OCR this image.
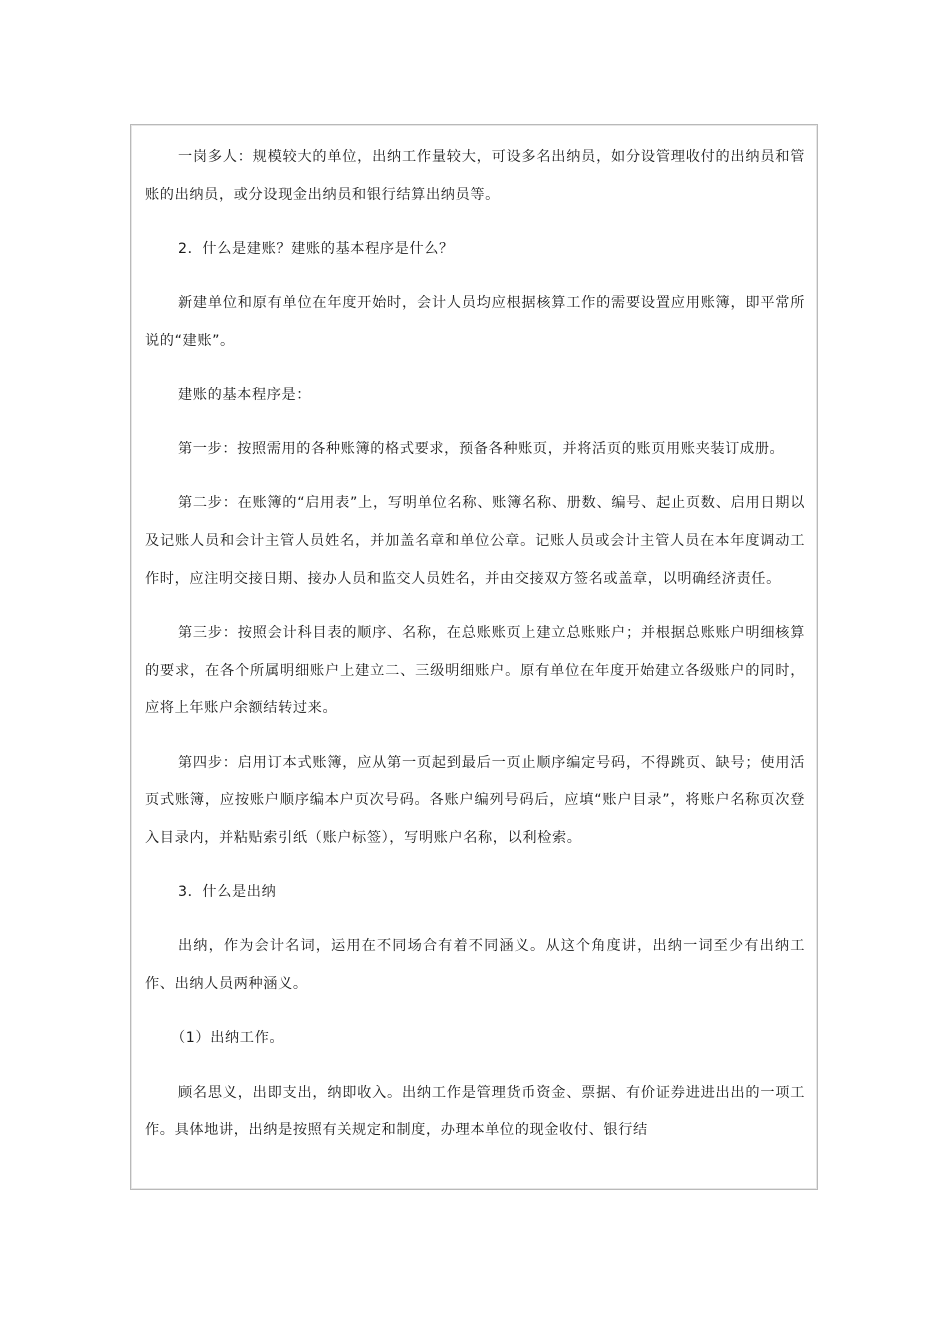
一岗多人：规模较大的单位，出纳工作量较大，可设多名出纳员，如分设管理收付的出纳员和管账的出纳员，或分设现金出纳员和银行结算出纳员等。

2．什么是建账？建账的基本程序是什么？

新建单位和原有单位在年度开始时，会计人员均应根据核算工作的需要设置应用账簿，即平常所说的“建账”。

建账的基本程序是：

第一步：按照需用的各种账簿的格式要求，预备各种账页，并将活页的账页用账夹装订成册。

第二步：在账簿的“启用表”上，写明单位名称、账簿名称、册数、编号、起止页数、启用日期以及记账人员和会计主管人员姓名，并加盖名章和单位公章。记账人员或会计主管人员在本年度调动工作时，应注明交接日期、接办人员和监交人员姓名，并由交接双方签名或盖章，以明确经济责任。

第三步：按照会计科目表的顺序、名称，在总账账页上建立总账账户；并根据总账账户明细核算的要求，在各个所属明细账户上建立二、三级明细账户。原有单位在年度开始建立各级账户的同时，应将上年账户余额结转过来。

第四步：启用订本式账簿，应从第一页起到最后一页止顺序编定号码，不得跳页、缺号；使用活页式账簿，应按账户顺序编本户页次号码。各账户编列号码后，应填“账户目录”，将账户名称页次登入目录内，并粘贴索引纸（账户标签），写明账户名称，以利检索。

3．什么是出纳

出纳，作为会计名词，运用在不同场合有着不同涵义。从这个角度讲，出纳一词至少有出纳工作、出纳人员两种涵义。

（1）出纳工作。

顾名思义，出即支出，纳即收入。出纳工作是管理货币资金、票据、有价证券进进出出的一项工作。具体地讲，出纳是按照有关规定和制度，办理本单位的现金收付、银行结
